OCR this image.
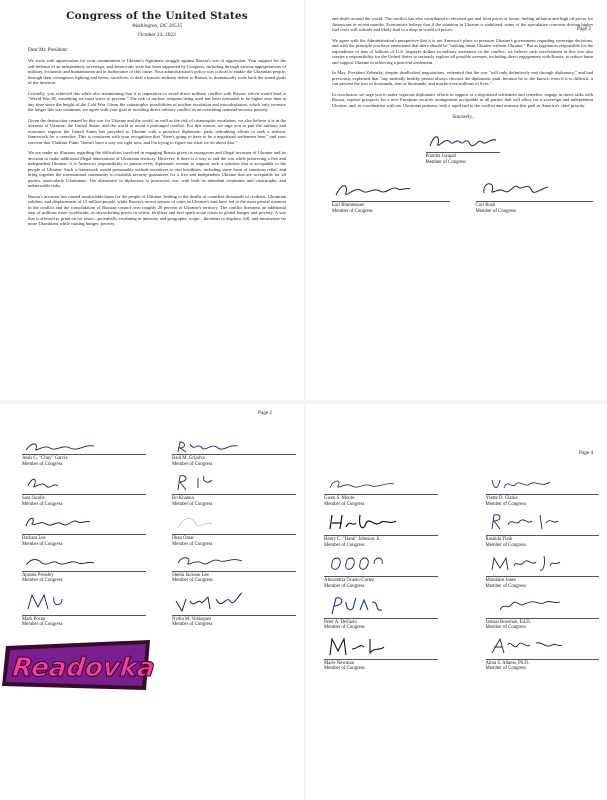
Congress of the United States
Washington, DC 20515
October 24, 2022
Dear Mr. President:

We write with appreciation for your commitment to Ukraine's legitimate struggle against Russia's war of aggression. Your support for the self-defense of an independent, sovereign, and democratic state has been supported by Congress, including through various appropriations of military, economic and humanitarian aid in furtherance of this cause. Your administration's policy was critical to enable the Ukrainian people, through their courageous fighting and heroic sacrifices, to deal a historic military defeat to Russia, to dramatically scale back the stated goals of the invasion.

Crucially, you achieved this while also maintaining that it is imperative to avoid direct military conflict with Russia, which would lead to "World War III, something we must strive to prevent." The risk of nuclear weapons being used has been estimated to be higher now than at any time since the height of the Cold War. Given the catastrophic possibilities of nuclear escalation and miscalculation, which only increase the longer this war continues, we agree with your goal of avoiding direct military conflict as an overriding national-security priority.

Given the destruction created by this war for Ukraine and the world, as well as the risk of catastrophic escalation, we also believe it is in the interests of Ukraine, the United States, and the world to avoid a prolonged conflict. For this reason, we urge you to pair the military and economic support the United States has provided to Ukraine with a proactive diplomatic push, redoubling efforts to seek a realistic framework for a ceasefire. This is consistent with your recognition that "there's going to have to be a negotiated settlement here," and your concern that Vladimir Putin "doesn't have a way out right now, and I'm trying to figure out what we do about that."

We are under no illusions regarding the difficulties involved in engaging Russia given its outrageous and illegal invasion of Ukraine and its decision to make additional illegal annexations of Ukrainian territory. However, if there is a way to end the war while preserving a free and independent Ukraine, it is America's responsibility to pursue every diplomatic avenue to support such a solution that is acceptable to the people of Ukraine. Such a framework would presumably include incentives to end hostilities, including some form of sanctions relief, and bring together the international community to establish security guarantees for a free and independent Ukraine that are acceptable for all parties, particularly Ukrainians. The alternative to diplomacy is protracted war, with both its attendant certainties and catastrophic and unknowable risks.

Russia's invasion has caused incalculable harm for the people of Ukraine, leading to the deaths of countless thousands of civilians, Ukrainian soldiers, and displacement of 13 million people, while Russia's recent seizure of cities in Ukraine's east have led to the most pivotal moment in the conflict and the consolidation of Russian control over roughly 20 percent of Ukraine's territory. The conflict threatens an additional tens of millions more worldwide, as skyrocketing prices in wheat, fertilizer and fuel spark acute crises in global hunger and poverty. A war that is allowed to grind on for years—potentially escalating in intensity and geographic scope—threatens to displace, kill, and immiserate far more Ukrainians while causing hunger, poverty,

Page 2

and death around the world. The conflict has also contributed to elevated gas and food prices at home, fueling inflation and high oil prices for Americans in recent months. Economists believe that if the situation in Ukraine is stabilized, some of the speculative concerns driving higher fuel costs will subside and likely lead to a drop in world oil prices.

We agree with the Administration's perspective that it is not America's place to pressure Ukraine's government regarding sovereign decisions, and with the principle you have enunciated that there should be "nothing about Ukraine without Ukraine." But as legislators responsible for the expenditure of tens of billions of U.S. taxpayer dollars in military assistance in the conflict, we believe such involvement in this war also creates a responsibility for the United States to seriously explore all possible avenues, including direct engagement with Russia, to reduce harm and support Ukraine in achieving a peaceful settlement.

In May, President Zelensky, despite deadlocked negotiations, reiterated that the war "will only definitively end through diplomacy," and had previously explained that "any mentally healthy person always chooses the diplomatic path, because he or she knows: even if it is difficult, it can prevent the loss of thousands, tens of thousands, and maybe even millions of lives."

In conclusion, we urge you to make vigorous diplomatic efforts in support of a negotiated settlement and ceasefire, engage in direct talks with Russia, explore prospects for a new European security arrangement acceptable to all parties that will allow for a sovereign and independent Ukraine, and, in coordination with our Ukrainian partners, seek a rapid end to the conflict and reiterate this goal as America's chief priority.

Sincerely,
Pramila Jayapal
Member of Congress
Earl Blumenauer
Member of Congress
Cori Bush
Member of Congress
Page 2
Jesús G. "Chuy" García
Member of Congress
Raúl M. Grijalva
Member of Congress
Sara Jacobs
Member of Congress
Ro Khanna
Member of Congress
Barbara Lee
Member of Congress
Ilhan Omar
Member of Congress
Ayanna Pressley
Member of Congress
Sheila Jackson Lee
Member of Congress
Mark Pocan
Member of Congress
Nydia M. Velázquez
Member of Congress
Page 4
Gwen S. Moore
Member of Congress
Yvette D. Clarke
Member of Congress
Henry C. "Hank" Johnson, Jr.
Member of Congress
Rashida Tlaib
Member of Congress
Alexandria Ocasio-Cortez
Member of Congress
Mondaire Jones
Member of Congress
Peter A. DeFazio
Member of Congress
Jamaal Bowman, Ed.D.
Member of Congress
Marie Newman
Member of Congress
Alma S. Adams, Ph.D.
Member of Congress
Readovka
